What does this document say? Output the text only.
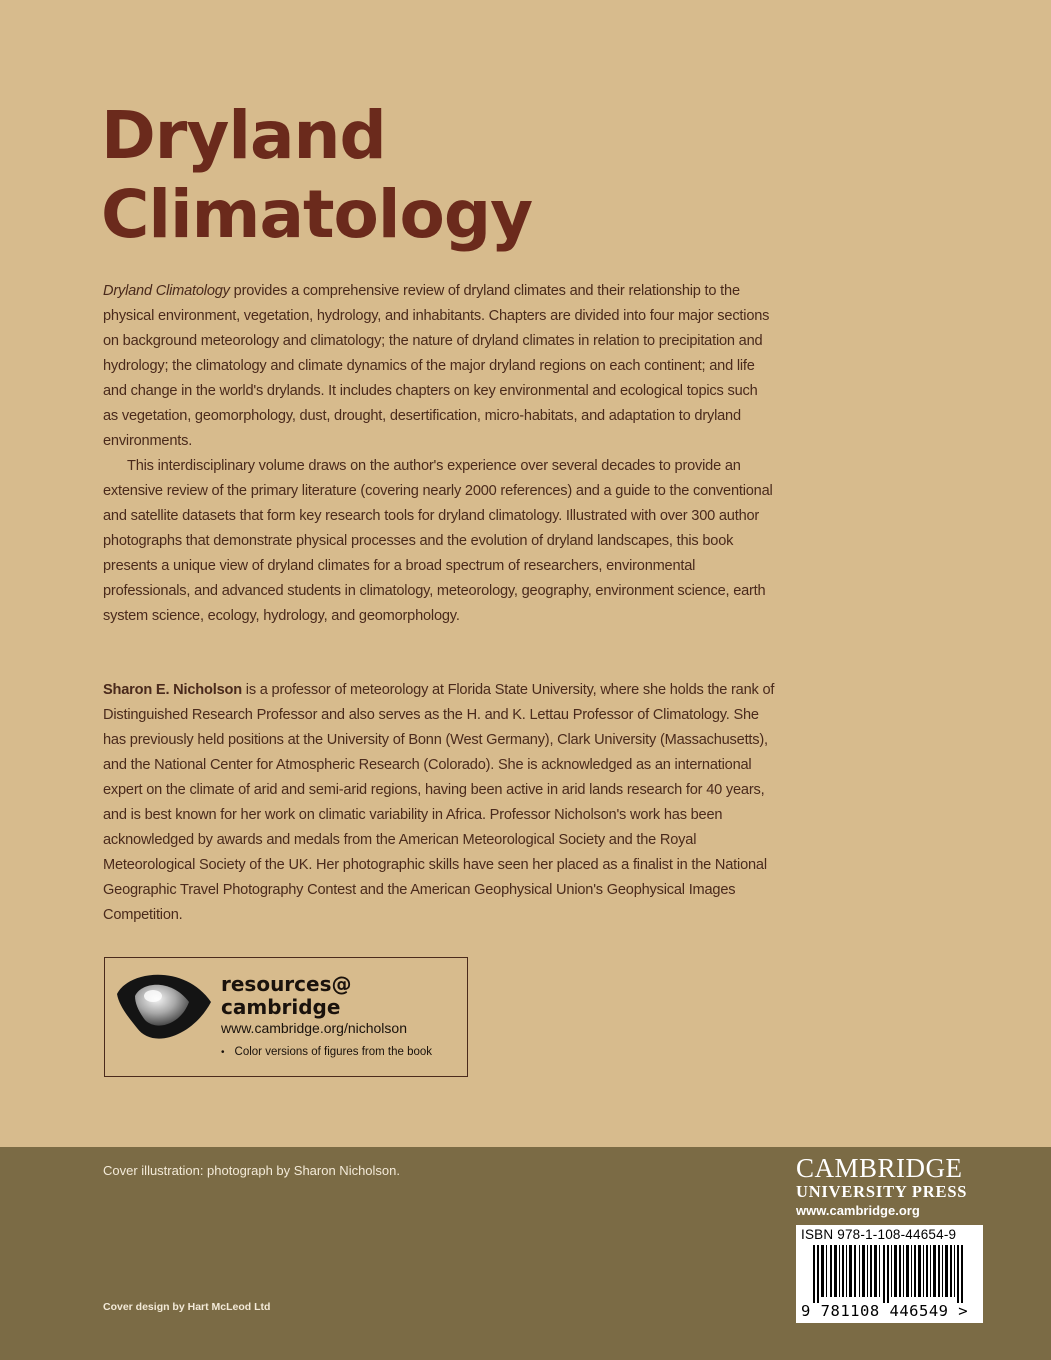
Dryland
Climatology

Dryland Climatology provides a comprehensive review of dryland climates and their relationship to the physical environment, vegetation, hydrology, and inhabitants. Chapters are divided into four major sections on background meteorology and climatology; the nature of dryland climates in relation to precipitation and hydrology; the climatology and climate dynamics of the major dryland regions on each continent; and life and change in the world's drylands. It includes chapters on key environmental and ecological topics such as vegetation, geomorphology, dust, drought, desertification, micro-habitats, and adaptation to dryland environments.

This interdisciplinary volume draws on the author's experience over several decades to provide an extensive review of the primary literature (covering nearly 2000 references) and a guide to the conventional and satellite datasets that form key research tools for dryland climatology. Illustrated with over 300 author photographs that demonstrate physical processes and the evolution of dryland landscapes, this book presents a unique view of dryland climates for a broad spectrum of researchers, environmental professionals, and advanced students in climatology, meteorology, geography, environment science, earth system science, ecology, hydrology, and geomorphology.

Sharon E. Nicholson is a professor of meteorology at Florida State University, where she holds the rank of Distinguished Research Professor and also serves as the H. and K. Lettau Professor of Climatology. She has previously held positions at the University of Bonn (West Germany), Clark University (Massachusetts), and the National Center for Atmospheric Research (Colorado). She is acknowledged as an international expert on the climate of arid and semi-arid regions, having been active in arid lands research for 40 years, and is best known for her work on climatic variability in Africa. Professor Nicholson's work has been acknowledged by awards and medals from the American Meteorological Society and the Royal Meteorological Society of the UK. Her photographic skills have seen her placed as a finalist in the National Geographic Travel Photography Contest and the American Geophysical Union's Geophysical Images Competition.

resources@

cambridge

www.cambridge.org/nicholson
• Color versions of figures from the book

Cover illustration: photograph by Sharon Nicholson.

Cover design by Hart McLeod Ltd

CAMBRIDGE

UNIVERSITY PRESS

www.cambridge.org

ISBN 978-1-108-44654-9

9 781108 446549 >
